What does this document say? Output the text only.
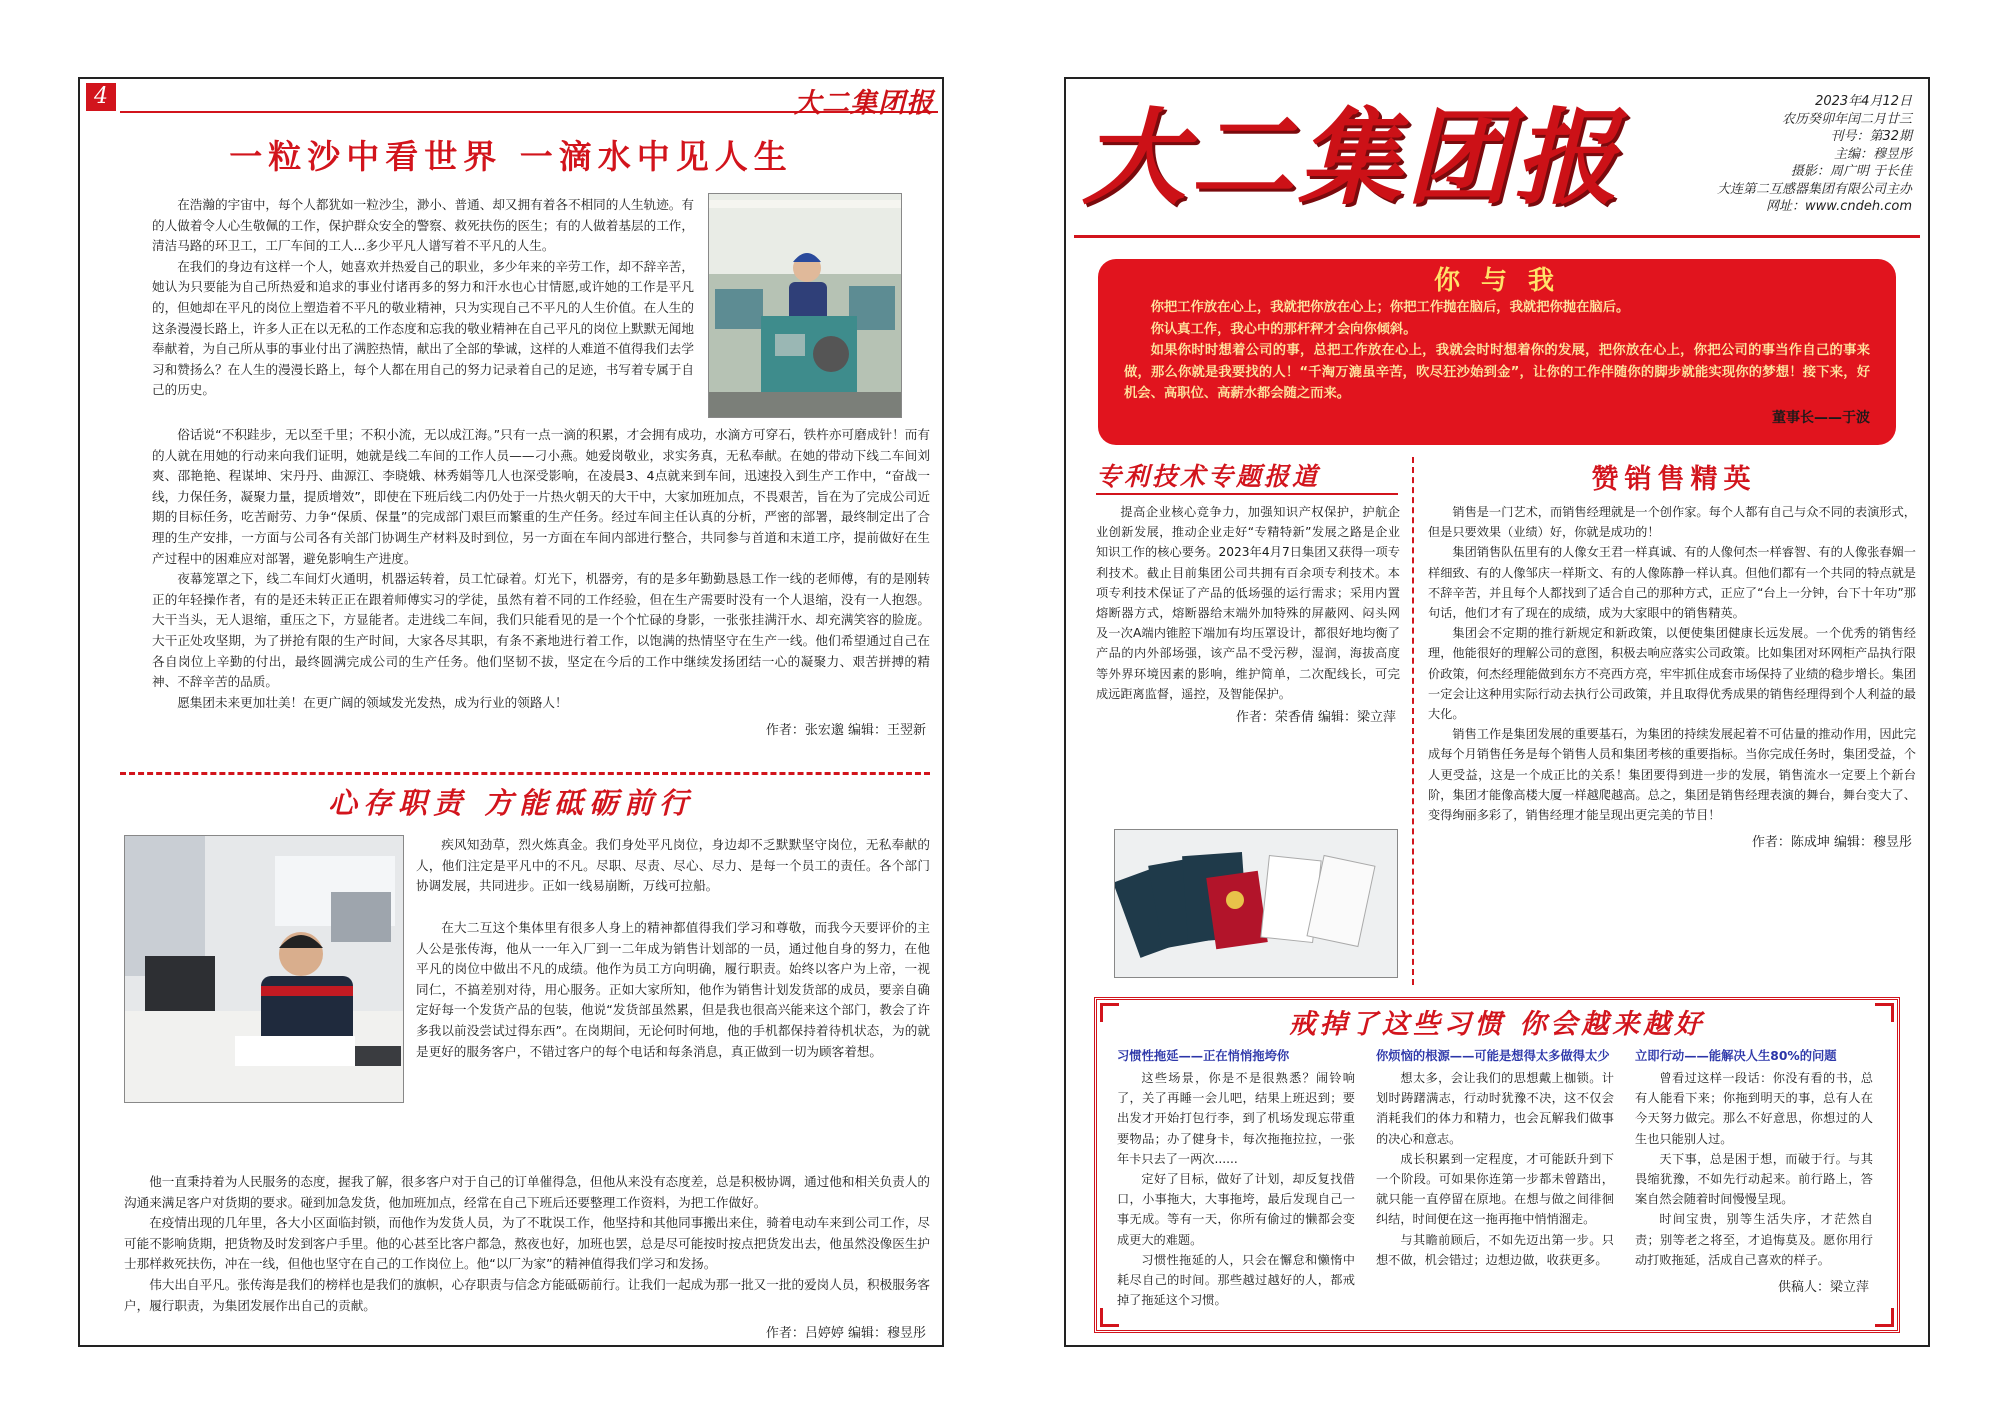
4	大二集团报
一粒沙中看世界 一滴水中见人生

在浩瀚的宇宙中，每个人都犹如一粒沙尘，渺小、普通、却又拥有着各不相同的人生轨迹。有的人做着令人心生敬佩的工作，保护群众安全的警察、救死扶伤的医生；有的人做着基层的工作，清洁马路的环卫工，工厂车间的工人...多少平凡人谱写着不平凡的人生。

在我们的身边有这样一个人，她喜欢并热爱自己的职业，多少年来的辛劳工作，却不辞辛苦，她认为只要能为自己所热爱和追求的事业付诸再多的努力和汗水也心甘情愿,或许她的工作是平凡的，但她却在平凡的岗位上塑造着不平凡的敬业精神，只为实现自己不平凡的人生价值。在人生的这条漫漫长路上，许多人正在以无私的工作态度和忘我的敬业精神在自己平凡的岗位上默默无闻地奉献着，为自己所从事的事业付出了满腔热情，献出了全部的挚诚，这样的人难道不值得我们去学习和赞扬么？在人生的漫漫长路上，每个人都在用自己的努力记录着自己的足迹，书写着专属于自己的历史。

俗话说“不积跬步，无以至千里；不积小流，无以成江海。”只有一点一滴的积累，才会拥有成功，水滴方可穿石，铁杵亦可磨成针！而有的人就在用她的行动来向我们证明，她就是线二车间的工作人员——刁小燕。她爱岗敬业，求实务真，无私奉献。在她的带动下线二车间刘爽、邵艳艳、程谋坤、宋丹丹、曲源江、李晓娥、林秀娟等几人也深受影响，在凌晨3、4点就来到车间，迅速投入到生产工作中，“奋战一线，力保任务，凝聚力量，提质增效”，即使在下班后线二内仍处于一片热火朝天的大干中，大家加班加点，不畏艰苦，旨在为了完成公司近期的目标任务，吃苦耐劳、力争“保质、保量”的完成部门艰巨而繁重的生产任务。经过车间主任认真的分析，严密的部署，最终制定出了合理的生产安排，一方面与公司各有关部门协调生产材料及时到位，另一方面在车间内部进行整合，共同参与首道和末道工序，提前做好在生产过程中的困难应对部署，避免影响生产进度。

夜幕笼罩之下，线二车间灯火通明，机器运转着，员工忙碌着。灯光下，机器旁，有的是多年勤勤恳恳工作一线的老师傅，有的是刚转正的年轻操作者，有的是还未转正正在跟着师傅实习的学徒，虽然有着不同的工作经验，但在生产需要时没有一个人退缩，没有一人抱怨。大干当头，无人退缩，重压之下，方显能者。走进线二车间，我们只能看见的是一个个忙碌的身影，一张张挂满汗水、却充满笑容的脸庞。大干正处攻坚期，为了拼抢有限的生产时间，大家各尽其职，有条不紊地进行着工作，以饱满的热情坚守在生产一线。他们希望通过自己在各自岗位上辛勤的付出，最终圆满完成公司的生产任务。他们坚韧不拔，坚定在今后的工作中继续发扬团结一心的凝聚力、艰苦拼搏的精神、不辞辛苦的品质。

愿集团未来更加壮美！在更广阔的领域发光发热，成为行业的领路人！

作者：张宏邈 编辑：王翌新
心存职责 方能砥砺前行

疾风知劲草，烈火炼真金。我们身处平凡岗位，身边却不乏默默坚守岗位，无私奉献的人，他们注定是平凡中的不凡。尽职、尽责、尽心、尽力、是每一个员工的责任。各个部门协调发展，共同进步。正如一线易崩断，万线可拉船。

在大二互这个集体里有很多人身上的精神都值得我们学习和尊敬，而我今天要评价的主人公是张传海，他从一一年入厂到一二年成为销售计划部的一员，通过他自身的努力，在他平凡的岗位中做出不凡的成绩。他作为员工方向明确，履行职责。始终以客户为上帝，一视同仁，不搞差别对待，用心服务。正如大家所知，他作为销售计划发货部的成员，要亲自确定好每一个发货产品的包装，他说“发货部虽然累，但是我也很高兴能来这个部门，教会了许多我以前没尝试过得东西”。在岗期间，无论何时何地，他的手机都保持着待机状态，为的就是更好的服务客户，不错过客户的每个电话和每条消息，真正做到一切为顾客着想。

他一直秉持着为人民服务的态度，握我了解，很多客户对于自己的订单催得急，但他从来没有态度差，总是积极协调，通过他和相关负责人的沟通来满足客户对货期的要求。碰到加急发货，他加班加点，经常在自己下班后还要整理工作资料，为把工作做好。

在疫情出现的几年里，各大小区面临封锁，而他作为发货人员，为了不耽误工作，他坚持和其他同事搬出来住，骑着电动车来到公司工作，尽可能不影响货期，把货物及时发到客户手里。他的心甚至比客户都急，熬夜也好，加班也罢，总是尽可能按时按点把货发出去，他虽然没像医生护士那样救死扶伤，冲在一线，但他也坚守在自己的工作岗位上。他“以厂为家”的精神值得我们学习和发扬。

伟大出自平凡。张传海是我们的榜样也是我们的旗帜，心存职责与信念方能砥砺前行。让我们一起成为那一批又一批的爱岗人员，积极服务客户，履行职责，为集团发展作出自己的贡献。

作者：吕婷婷 编辑：穆昱彤
大二集团报	2023年4月12日
农历癸卯年闰二月廿三
刊号：第32期
主编：穆昱彤
摄影：周广明 于长佳
大连第二互感器集团有限公司主办
网址：www.cndeh.com
你 与 我

你把工作放在心上，我就把你放在心上；你把工作抛在脑后，我就把你抛在脑后。

你认真工作，我心中的那杆秤才会向你倾斜。

如果你时时想着公司的事，总把工作放在心上，我就会时时想着你的发展，把你放在心上，你把公司的事当作自己的事来做，那么你就是我要找的人！“千淘万漉虽辛苦，吹尽狂沙始到金”，让你的工作伴随你的脚步就能实现你的梦想！接下来，好机会、高职位、高薪水都会随之而来。

董事长——于波
专利技术专题报道

提高企业核心竞争力，加强知识产权保护，护航企业创新发展，推动企业走好“专精特新”发展之路是企业知识工作的核心要务。2023年4月7日集团又获得一项专利技术。截止目前集团公司共拥有百余项专利技术。本项专利技术保证了产品的低场强的运行需求；采用内置熔断器方式，熔断器给末端外加特殊的屏蔽网、闷头网及一次A端内锥腔下端加有均压罩设计，都很好地均衡了产品的内外部场强，该产品不受污秽，湿润，海拔高度等外界环境因素的影响，维护简单，二次配线长，可完成远距离监督，遥控，及智能保护。

作者：荣香倩 编辑：梁立萍
赞销售精英

销售是一门艺术，而销售经理就是一个创作家。每个人都有自己与众不同的表演形式，但是只要效果（业绩）好，你就是成功的！

集团销售队伍里有的人像女王君一样真诚、有的人像何杰一样睿智、有的人像张春媚一样细致、有的人像邹庆一样斯文、有的人像陈静一样认真。但他们都有一个共同的特点就是不辞辛苦，并且每个人都找到了适合自己的那种方式，正应了“台上一分钟，台下十年功”那句话，他们才有了现在的成绩，成为大家眼中的销售精英。

集团会不定期的推行新规定和新政策，以便使集团健康长远发展。一个优秀的销售经理，他能很好的理解公司的意图，积极去响应落实公司政策。比如集团对环网柜产品执行限价政策，何杰经理能做到东方不亮西方亮，牢牢抓住成套市场保持了业绩的稳步增长。集团一定会让这种用实际行动去执行公司政策，并且取得优秀成果的销售经理得到个人利益的最大化。

销售工作是集团发展的重要基石，为集团的持续发展起着不可估量的推动作用，因此完成每个月销售任务是每个销售人员和集团考核的重要指标。当你完成任务时，集团受益，个人更受益，这是一个成正比的关系！集团要得到进一步的发展，销售流水一定要上个新台阶，集团才能像高楼大厦一样越爬越高。总之，集团是销售经理表演的舞台，舞台变大了、变得绚丽多彩了，销售经理才能呈现出更完美的节目！

作者：陈成坤 编辑：穆昱彤
戒掉了这些习惯 你会越来越好
习惯性拖延——正在悄悄拖垮你

这些场景，你是不是很熟悉？闹铃响了，关了再睡一会儿吧，结果上班迟到；要出发才开始打包行李，到了机场发现忘带重要物品；办了健身卡，每次拖拖拉拉，一张年卡只去了一两次......

定好了目标，做好了计划，却反复找借口，小事拖大，大事拖垮，最后发现自己一事无成。等有一天，你所有偷过的懒都会变成更大的难题。

习惯性拖延的人，只会在懈怠和懒惰中耗尽自己的时间。那些越过越好的人，都戒掉了拖延这个习惯。

你烦恼的根源——可能是想得太多做得太少

想太多，会让我们的思想戴上枷锁。计划时踌躇满志，行动时犹豫不决，这不仅会消耗我们的体力和精力，也会瓦解我们做事的决心和意志。

成长积累到一定程度，才可能跃升到下一个阶段。可如果你连第一步都未曾踏出，就只能一直停留在原地。在想与做之间徘徊纠结，时间便在这一拖再拖中悄悄溜走。

与其瞻前顾后，不如先迈出第一步。只想不做，机会错过；边想边做，收获更多。

立即行动——能解决人生80%的问题

曾看过这样一段话：你没有看的书，总有人能看下来；你拖到明天的事，总有人在今天努力做完。那么不好意思，你想过的人生也只能别人过。

天下事，总是困于想，而破于行。与其畏缩犹豫，不如先行动起来。前行路上，答案自然会随着时间慢慢呈现。

时间宝贵，别等生活失序，才茫然自责；别等老之将至，才追悔莫及。愿你用行动打败拖延，活成自己喜欢的样子。

供稿人：梁立萍
